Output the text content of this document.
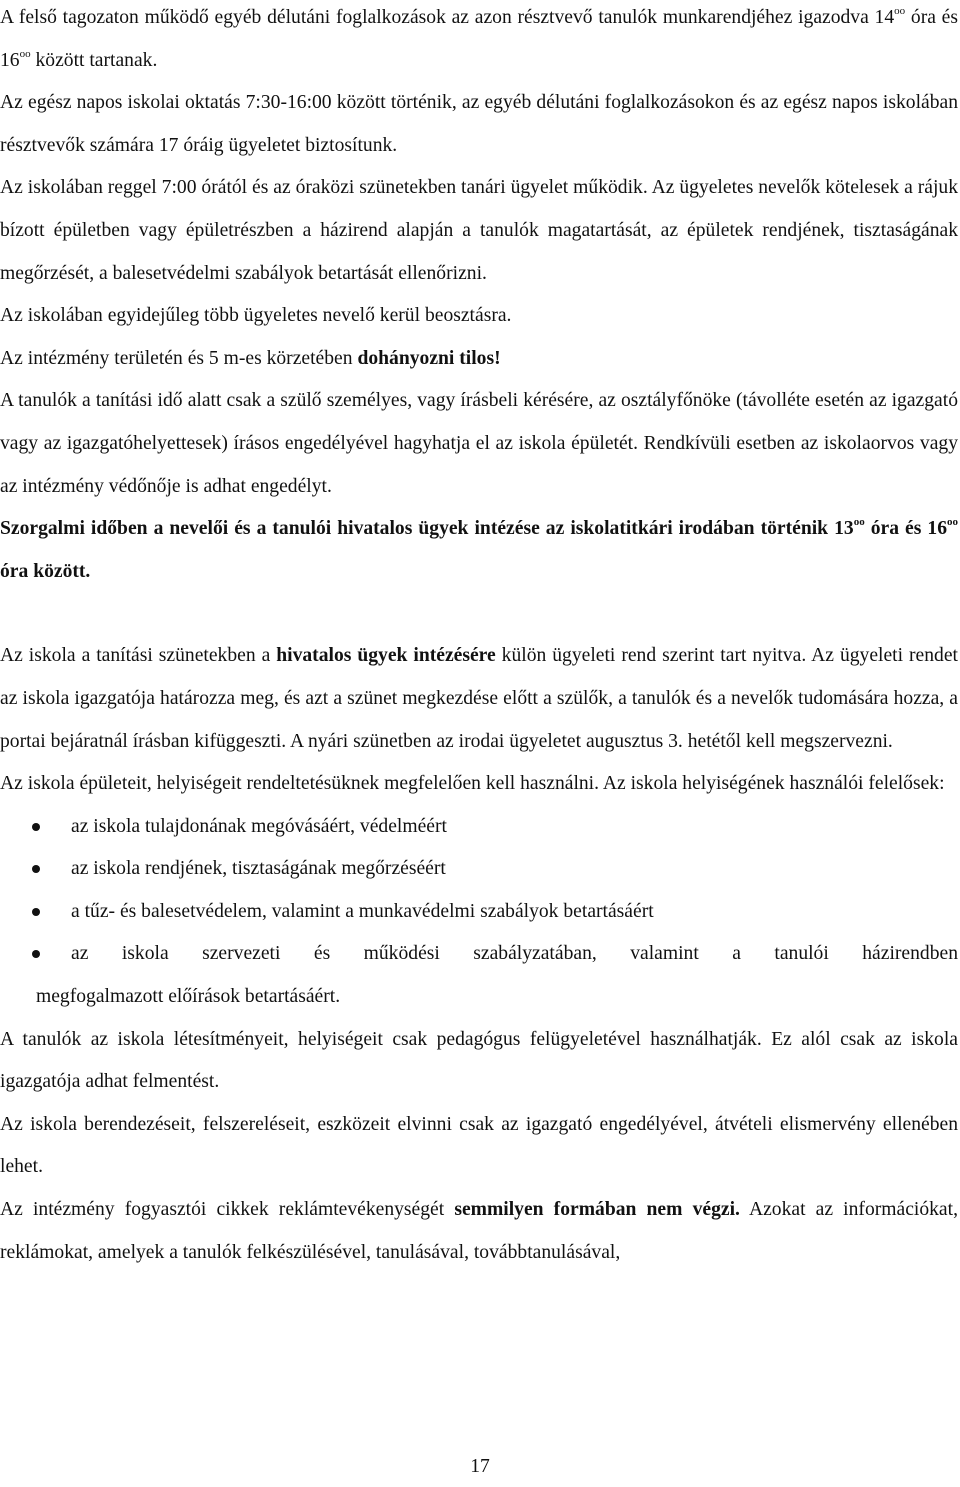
A felső tagozaton működő egyéb délutáni foglalkozások az azon résztvevő tanulók munkarendjéhez igazodva $14^{oo}$ óra és $16^{oo}$ között tartanak.

Az egész napos iskolai oktatás 7:30-16:00 között történik, az egyéb délutáni foglalkozásokon és az egész napos iskolában résztvevők számára 17 óráig ügyeletet biztosítunk.

Az iskolában reggel 7:00 órától és az óraközi szünetekben tanári ügyelet működik. Az ügyeletes nevelők kötelesek a rájuk bízott épületben vagy épületrészben a házirend alapján a tanulók magatartását, az épületek rendjének, tisztaságának megőrzését, a balesetvédelmi szabályok betartását ellenőrizni.

Az iskolában egyidejűleg több ügyeletes nevelő kerül beosztásra.

Az intézmény területén és 5 m-es körzetében dohányozni tilos!

A tanulók a tanítási idő alatt csak a szülő személyes, vagy írásbeli kérésére, az osztályfőnöke (távolléte esetén az igazgató vagy az igazgatóhelyettesek) írásos engedélyével hagyhatja el az iskola épületét. Rendkívüli esetben az iskolaorvos vagy az intézmény védőnője is adhat engedélyt.

Szorgalmi időben a nevelői és a tanulói hivatalos ügyek intézése az iskolatitkári irodában történik $13^{oo}$ óra és $16^{oo}$ óra között.

Az iskola a tanítási szünetekben a hivatalos ügyek intézésére külön ügyeleti rend szerint tart nyitva. Az ügyeleti rendet az iskola igazgatója határozza meg, és azt a szünet megkezdése előtt a szülők, a tanulók és a nevelők tudomására hozza, a portai bejáratnál írásban kifüggeszti. A nyári szünetben az irodai ügyeletet augusztus 3. hetétől kell megszervezni.

Az iskola épületeit, helyiségeit rendeltetésüknek megfelelően kell használni. Az iskola helyiségének használói felelősek:

az iskola tulajdonának megóvásáért, védelméért
az iskola rendjének, tisztaságának megőrzéséért
a tűz- és balesetvédelem, valamint a munkavédelmi szabályok betartásáért
az iskola szervezeti és működési szabályzatában, valamint a tanulói házirendben
megfogalmazott előírások betartásáért.

A tanulók az iskola létesítményeit, helyiségeit csak pedagógus felügyeletével használhatják. Ez alól csak az iskola igazgatója adhat felmentést.

Az iskola berendezéseit, felszereléseit, eszközeit elvinni csak az igazgató engedélyével, átvételi elismervény ellenében lehet.

Az intézmény fogyasztói cikkek reklámtevékenységét semmilyen formában nem végzi. Azokat az információkat, reklámokat, amelyek a tanulók felkészülésével, tanulásával, továbbtanulásával,

17
